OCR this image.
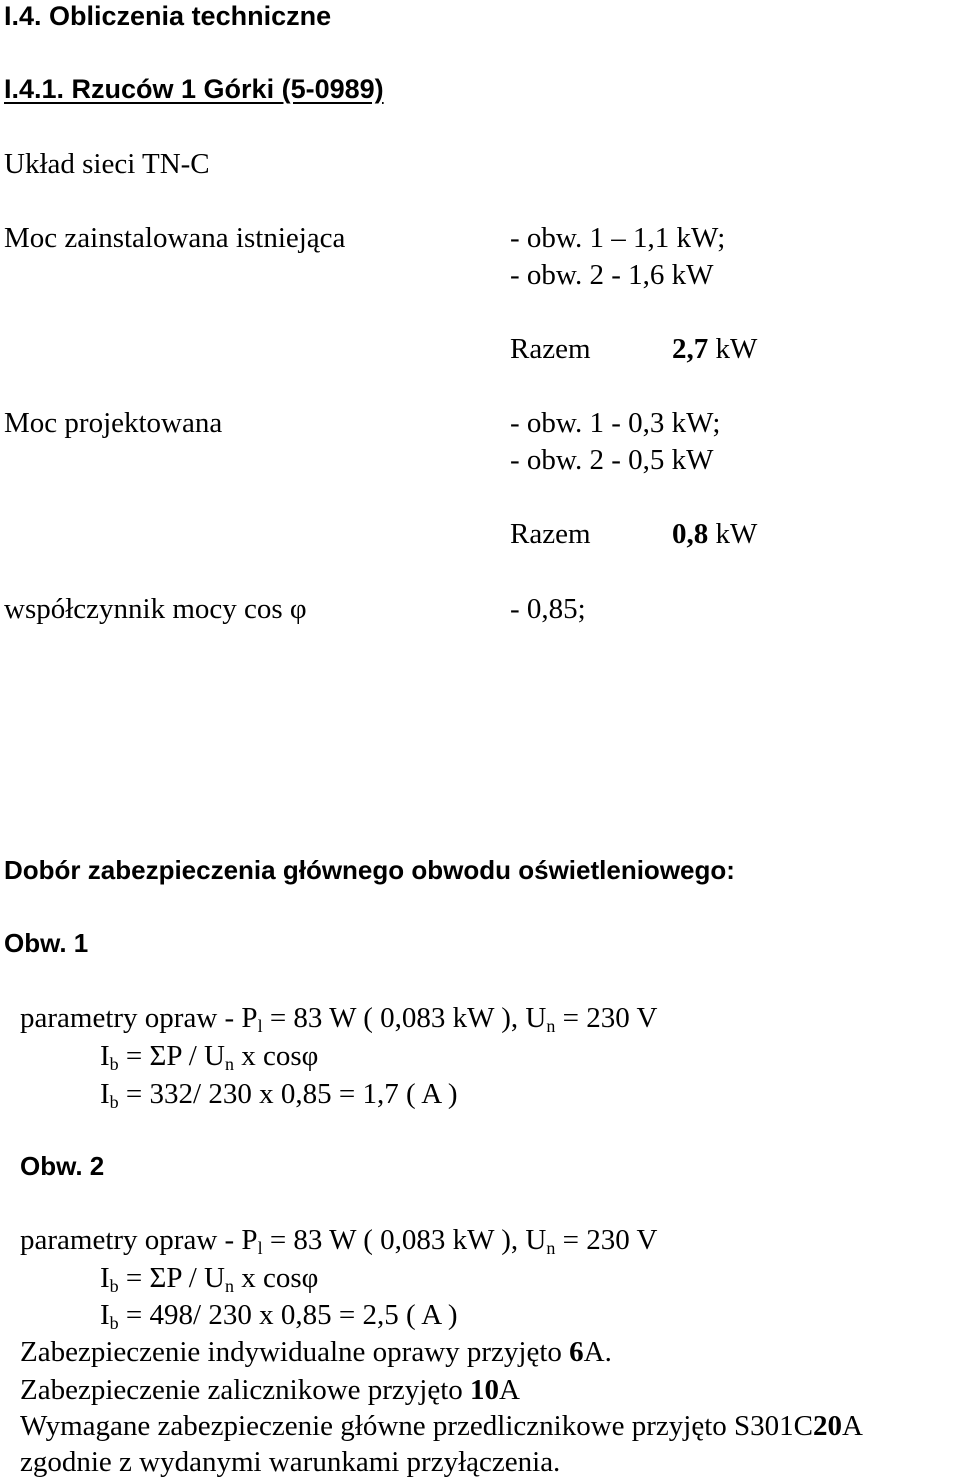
I.4. Obliczenia techniczne
I.4.1. Rzuców 1 Górki (5-0989)
Układ sieci TN-C
Moc zainstalowana istniejąca	- obw. 1 – 1,1 kW;
- obw. 2 - 1,6 kW
Razem	2,7 kW
Moc projektowana	- obw. 1 - 0,3 kW;
- obw. 2 - 0,5 kW
Razem	0,8 kW
współczynnik mocy cos φ	- 0,85;
Dobór zabezpieczenia głównego obwodu oświetleniowego:
Obw. 1
parametry opraw - $P_l = 83$ W ( 0,083 kW ), $U_n = 230$ V
$I_b = \Sigma P / U_n$ x cosφ
$I_b = 332/$ 230 x 0,85 = 1,7 ( A )
Obw. 2
parametry opraw - $P_l = 83$ W ( 0,083 kW ), $U_n = 230$ V
$I_b = \Sigma P / U_n$ x cosφ
$I_b = 498/$ 230 x 0,85 = 2,5 ( A )
Zabezpieczenie indywidualne oprawy przyjęto 6A.
Zabezpieczenie zalicznikowe przyjęto 10A
Wymagane zabezpieczenie główne przedlicznikowe przyjęto S301C20A
zgodnie z wydanymi warunkami przyłączenia.
